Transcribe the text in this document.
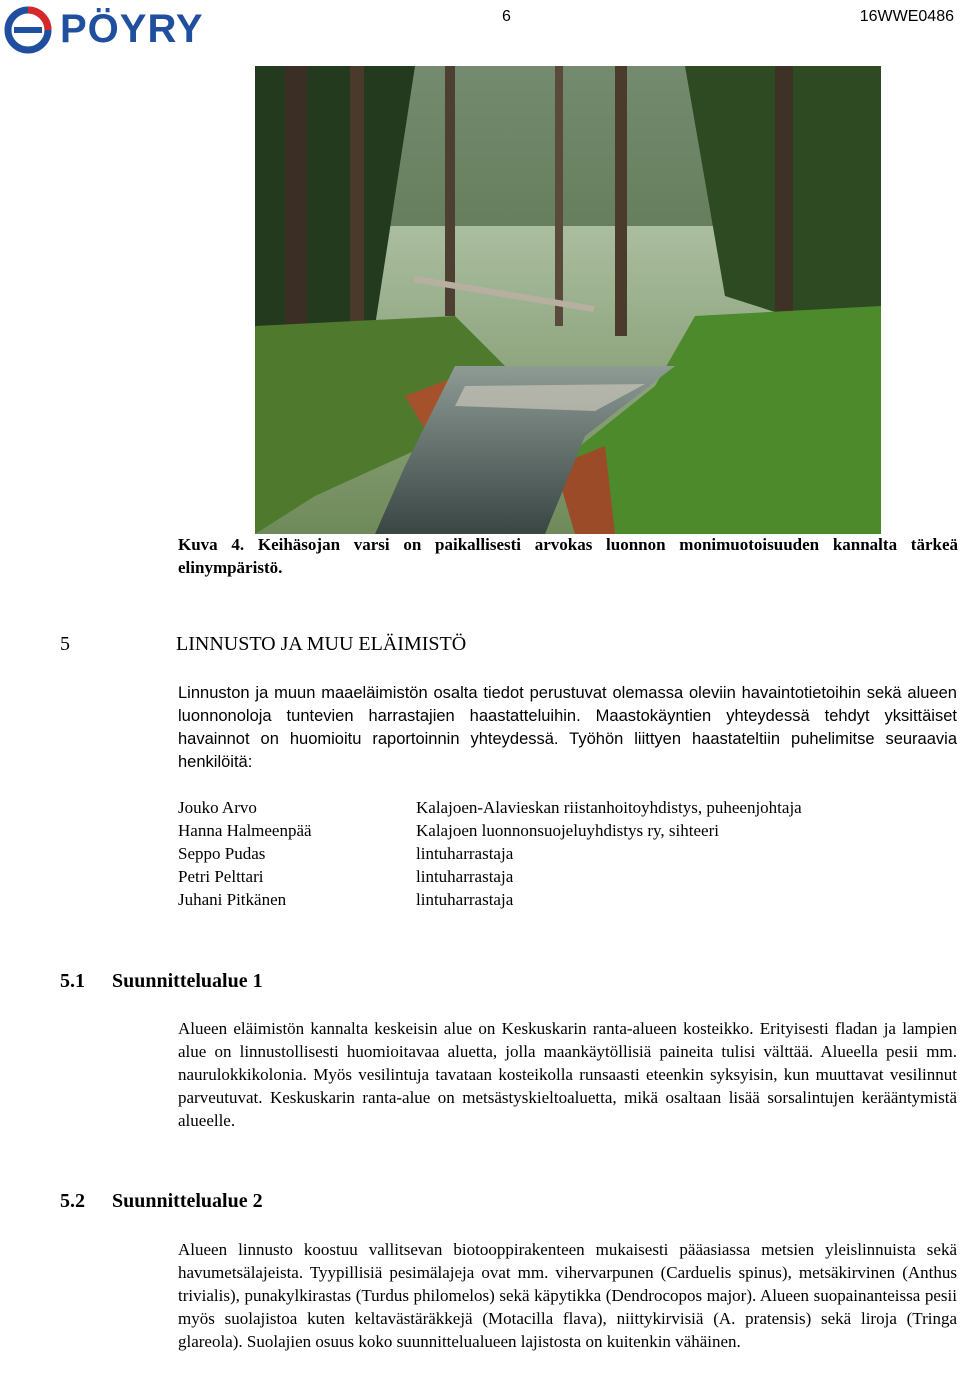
PÖYRY	6	16WWE0486
Kuva 4. Keihäsojan varsi on paikallisesti arvokas luonnon monimuotoisuuden kannalta tärkeä elinympäristö.
5	LINNUSTO JA MUU ELÄIMISTÖ
Linnuston ja muun maaeläimistön osalta tiedot perustuvat olemassa oleviin havaintotietoihin sekä alueen luonnonoloja tuntevien harrastajien haastatteluihin. Maastokäyntien yhteydessä tehdyt yksittäiset havainnot on huomioitu raportoinnin yhteydessä. Työhön liittyen haastateltiin puhelimitse seuraavia henkilöitä:
Jouko Arvo	Kalajoen-Alavieskan riistanhoitoyhdistys, puheenjohtaja
Hanna Halmeenpää	Kalajoen luonnonsuojeluyhdistys ry, sihteeri
Seppo Pudas	lintuharrastaja
Petri Pelttari	lintuharrastaja
Juhani Pitkänen	lintuharrastaja
5.1 Suunnittelualue 1
Alueen eläimistön kannalta keskeisin alue on Keskuskarin ranta-alueen kosteikko. Erityisesti fladan ja lampien alue on linnustollisesti huomioitavaa aluetta, jolla maankäytöllisiä paineita tulisi välttää. Alueella pesii mm. naurulokkikolonia. Myös vesilintuja tavataan kosteikolla runsaasti eteenkin syksyisin, kun muuttavat vesilinnut parveutuvat. Keskuskarin ranta-alue on metsästyskieltoaluetta, mikä osaltaan lisää sorsalintujen kerääntymistä alueelle.
5.2 Suunnittelualue 2
Alueen linnusto koostuu vallitsevan biotooppirakenteen mukaisesti pääasiassa metsien yleislinnuista sekä havumetsälajeista. Tyypillisiä pesimälajeja ovat mm. vihervarpunen (Carduelis spinus), metsäkirvinen (Anthus trivialis), punakylkirastas (Turdus philomelos) sekä käpytikka (Dendrocopos major). Alueen suopainanteissa pesii myös suolajistoa kuten keltavästäräkkejä (Motacilla flava), niittykirvisiä (A. pratensis) sekä liroja (Tringa glareola). Suolajien osuus koko suunnittelualueen lajistosta on kuitenkin vähäinen.
